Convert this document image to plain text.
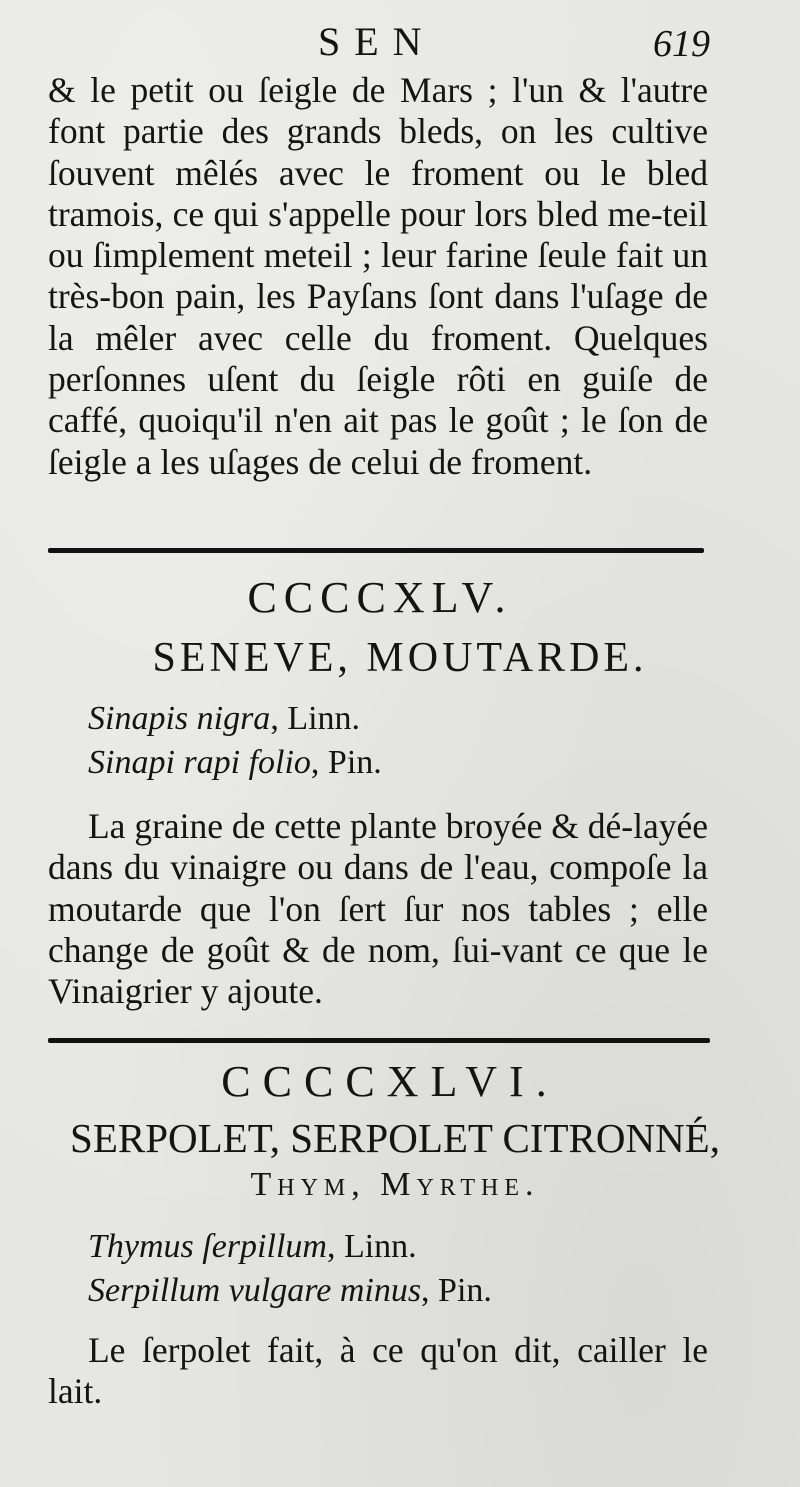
SEN	619

& le petit ou ſeigle de Mars ; l'un & l'autre font partie des grands bleds, on les cultive ſouvent mêlés avec le froment ou le bled tramois, ce qui s'appelle pour lors bled me-teil ou ſimplement meteil ; leur farine ſeule fait un très-bon pain, les Payſans ſont dans l'uſage de la mêler avec celle du froment. Quelques perſonnes uſent du ſeigle rôti en guiſe de caffé, quoiqu'il n'en ait pas le goût ; le ſon de ſeigle a les uſages de celui de froment.

CCCCXLV.
SENEVE, MOUTARDE.

Sinapis nigra, Linn.

Sinapi rapi folio, Pin.

La graine de cette plante broyée & dé-layée dans du vinaigre ou dans de l'eau, compoſe la moutarde que l'on ſert ſur nos tables ; elle change de goût & de nom, ſui-vant ce que le Vinaigrier y ajoute.

CCCCXLVI.
SERPOLET, SERPOLET CITRONNÉ,
Thym, Myrthe.

Thymus ſerpillum, Linn.

Serpillum vulgare minus, Pin.

Le ſerpolet fait, à ce qu'on dit, cailler le lait.
